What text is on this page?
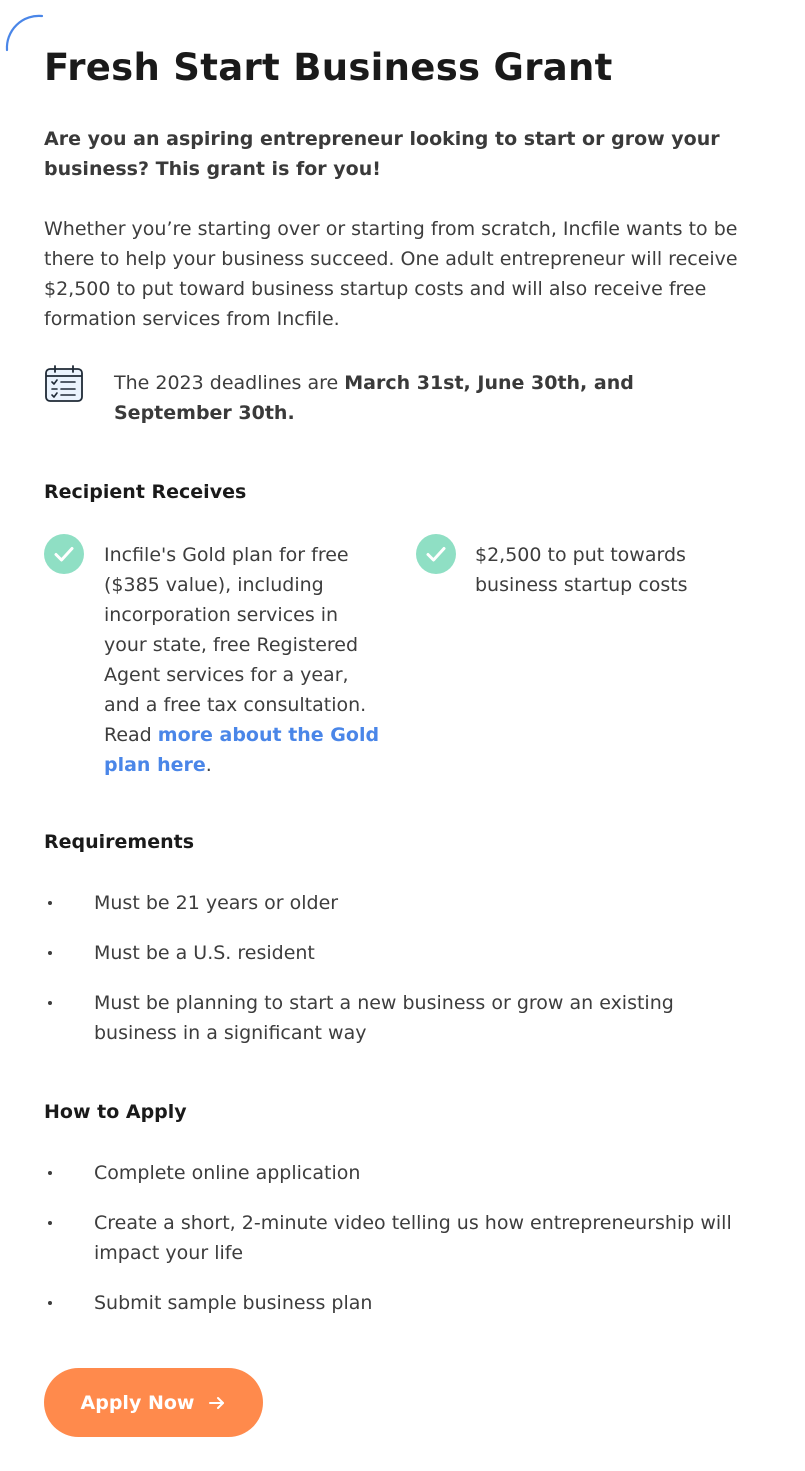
Fresh Start Business Grant

Are you an aspiring entrepreneur looking to start or grow your business? This grant is for you!

Whether you’re starting over or starting from scratch, Incfile wants to be there to help your business succeed. One adult entrepreneur will receive $2,500 to put toward business startup costs and will also receive free formation services from Incfile.

The 2023 deadlines are March 31st, June 30th, and September 30th.

Recipient Receives

Incfile's Gold plan for free ($385 value), including incorporation services in your state, free Registered Agent services for a year, and a free tax consultation. Read more about the Gold plan here.

$2,500 to put towards business startup costs

Requirements
Must be 21 years or older
Must be a U.S. resident
Must be planning to start a new business or grow an existing business in a significant way
How to Apply
Complete online application
Create a short, 2-minute video telling us how entrepreneurship will impact your life
Submit sample business plan
Apply Now
